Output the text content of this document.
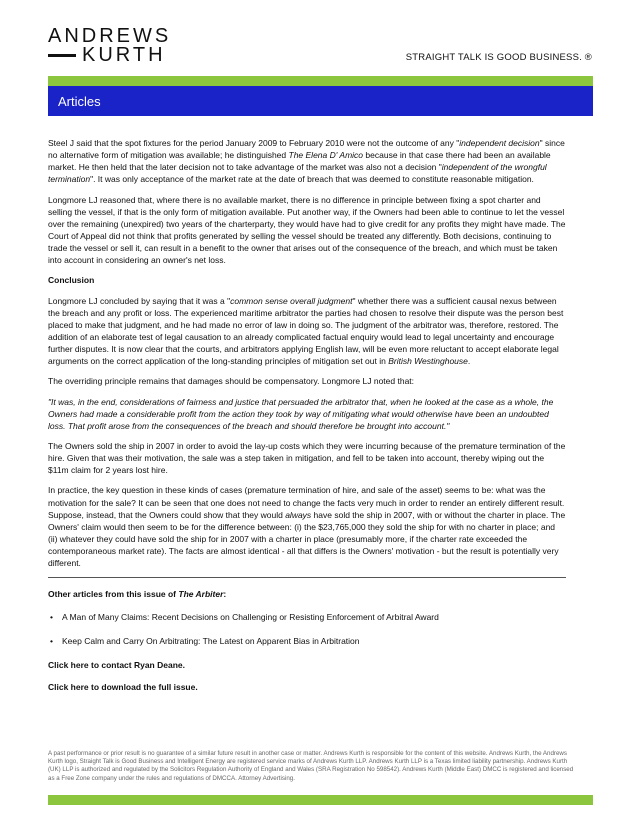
ANDREWS
KURTH	STRAIGHT TALK IS GOOD BUSINESS. ®
Articles

Steel J said that the spot fixtures for the period January 2009 to February 2010 were not the outcome of any "independent decision" since no alternative form of mitigation was available; he distinguished The Elena D' Amico because in that case there had been an available market. He then held that the later decision not to take advantage of the market was also not a decision "independent of the wrongful termination". It was only acceptance of the market rate at the date of breach that was deemed to constitute reasonable mitigation.

Longmore LJ reasoned that, where there is no available market, there is no difference in principle between fixing a spot charter and selling the vessel, if that is the only form of mitigation available. Put another way, if the Owners had been able to continue to let the vessel over the remaining (unexpired) two years of the charterparty, they would have had to give credit for any profits they might have made. The Court of Appeal did not think that profits generated by selling the vessel should be treated any differently. Both decisions, continuing to trade the vessel or sell it, can result in a benefit to the owner that arises out of the consequence of the breach, and which must be taken into account in considering an owner's net loss.

Conclusion

Longmore LJ concluded by saying that it was a "common sense overall judgment" whether there was a sufficient causal nexus between the breach and any profit or loss. The experienced maritime arbitrator the parties had chosen to resolve their dispute was the person best placed to make that judgment, and he had made no error of law in doing so. The judgment of the arbitrator was, therefore, restored. The addition of an elaborate test of legal causation to an already complicated factual enquiry would lead to legal uncertainty and encourage further disputes. It is now clear that the courts, and arbitrators applying English law, will be even more reluctant to accept elaborate legal arguments on the correct application of the long-standing principles of mitigation set out in British Westinghouse.

The overriding principle remains that damages should be compensatory. Longmore LJ noted that:

"It was, in the end, considerations of fairness and justice that persuaded the arbitrator that, when he looked at the case as a whole, the Owners had made a considerable profit from the action they took by way of mitigating what would otherwise have been an undoubted loss. That profit arose from the consequences of the breach and should therefore be brought into account."

The Owners sold the ship in 2007 in order to avoid the lay-up costs which they were incurring because of the premature termination of the hire. Given that was their motivation, the sale was a step taken in mitigation, and fell to be taken into account, thereby wiping out the $11m claim for 2 years lost hire.

In practice, the key question in these kinds of cases (premature termination of hire, and sale of the asset) seems to be: what was the motivation for the sale? It can be seen that one does not need to change the facts very much in order to render an entirely different result. Suppose, instead, that the Owners could show that they would always have sold the ship in 2007, with or without the charter in place. The Owners' claim would then seem to be for the difference between: (i) the $23,765,000 they sold the ship for with no charter in place; and (ii) whatever they could have sold the ship for in 2007 with a charter in place (presumably more, if the charter rate exceeded the contemporaneous market rate). The facts are almost identical - all that differs is the Owners' motivation - but the result is potentially very different.

Other articles from this issue of The Arbiter:
• A Man of Many Claims: Recent Decisions on Challenging or Resisting Enforcement of Arbitral Award
• Keep Calm and Carry On Arbitrating: The Latest on Apparent Bias in Arbitration
Click here to contact Ryan Deane.
Click here to download the full issue.
A past performance or prior result is no guarantee of a similar future result in another case or matter. Andrews Kurth is responsible for the content of this website. Andrews Kurth, the Andrews Kurth logo, Straight Talk is Good Business and Intelligent Energy are registered service marks of Andrews Kurth LLP. Andrews Kurth LLP is a Texas limited liability partnership. Andrews Kurth (UK) LLP is authorized and regulated by the Solicitors Regulation Authority of England and Wales (SRA Registration No 598542). Andrews Kurth (Middle East) DMCC is registered and licensed as a Free Zone company under the rules and regulations of DMCCA. Attorney Advertising.
